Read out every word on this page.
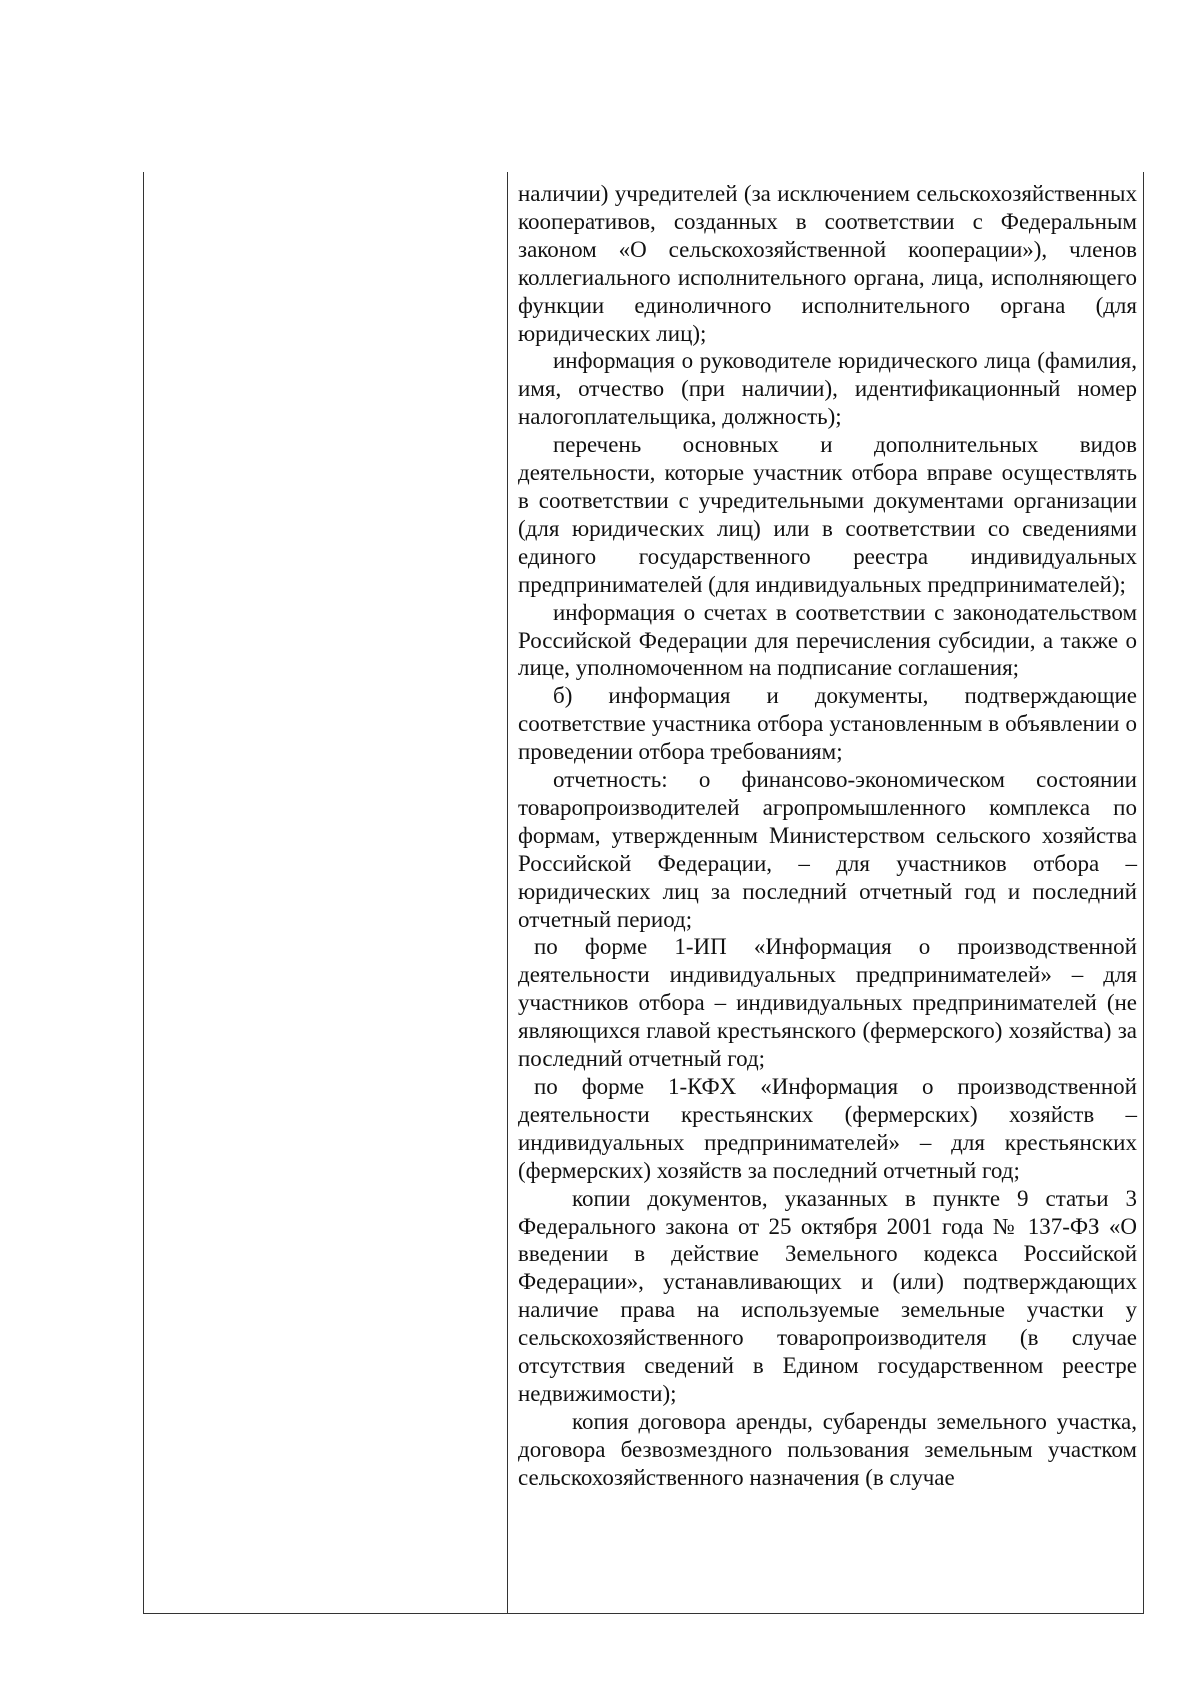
наличии) учредителей (за исключением сельскохозяйственных кооперативов, созданных в соответствии с Федеральным законом «О сельскохозяйственной кооперации»), членов коллегиального исполнительного органа, лица, исполняющего функции единоличного исполнительного органа (для юридических лиц);

информация о руководителе юридического лица (фамилия, имя, отчество (при наличии), идентификационный номер налогоплательщика, должность);

перечень основных и дополнительных видов деятельности, которые участник отбора вправе осуществлять в соответствии с учредительными документами организации (для юридических лиц) или в соответствии со сведениями единого государственного реестра индивидуальных предпринимателей (для индивидуальных предпринимателей);

информация о счетах в соответствии с законодательством Российской Федерации для перечисления субсидии, а также о лице, уполномоченном на подписание соглашения;

б) информация и документы, подтверждающие соответствие участника отбора установленным в объявлении о проведении отбора требованиям;

отчетность: о финансово-экономическом состоянии товаропроизводителей агропромышленного комплекса по формам, утвержденным Министерством сельского хозяйства Российской Федерации, – для участников отбора – юридических лиц за последний отчетный год и последний отчетный период;

по форме 1-ИП «Информация о производственной деятельности индивидуальных предпринимателей» – для участников отбора – индивидуальных предпринимателей (не являющихся главой крестьянского (фермерского) хозяйства) за последний отчетный год;

по форме 1-КФХ «Информация о производственной деятельности крестьянских (фермерских) хозяйств – индивидуальных предпринимателей» – для крестьянских (фермерских) хозяйств за последний отчетный год;

копии документов, указанных в пункте 9 статьи 3 Федерального закона от 25 октября 2001 года № 137-ФЗ «О введении в действие Земельного кодекса Российской Федерации», устанавливающих и (или) подтверждающих наличие права на используемые земельные участки у сельскохозяйственного товаропроизводителя (в случае отсутствия сведений в Едином государственном реестре недвижимости);

копия договора аренды, субаренды земельного участка, договора безвозмездного пользования земельным участком сельскохозяйственного назначения (в случае
